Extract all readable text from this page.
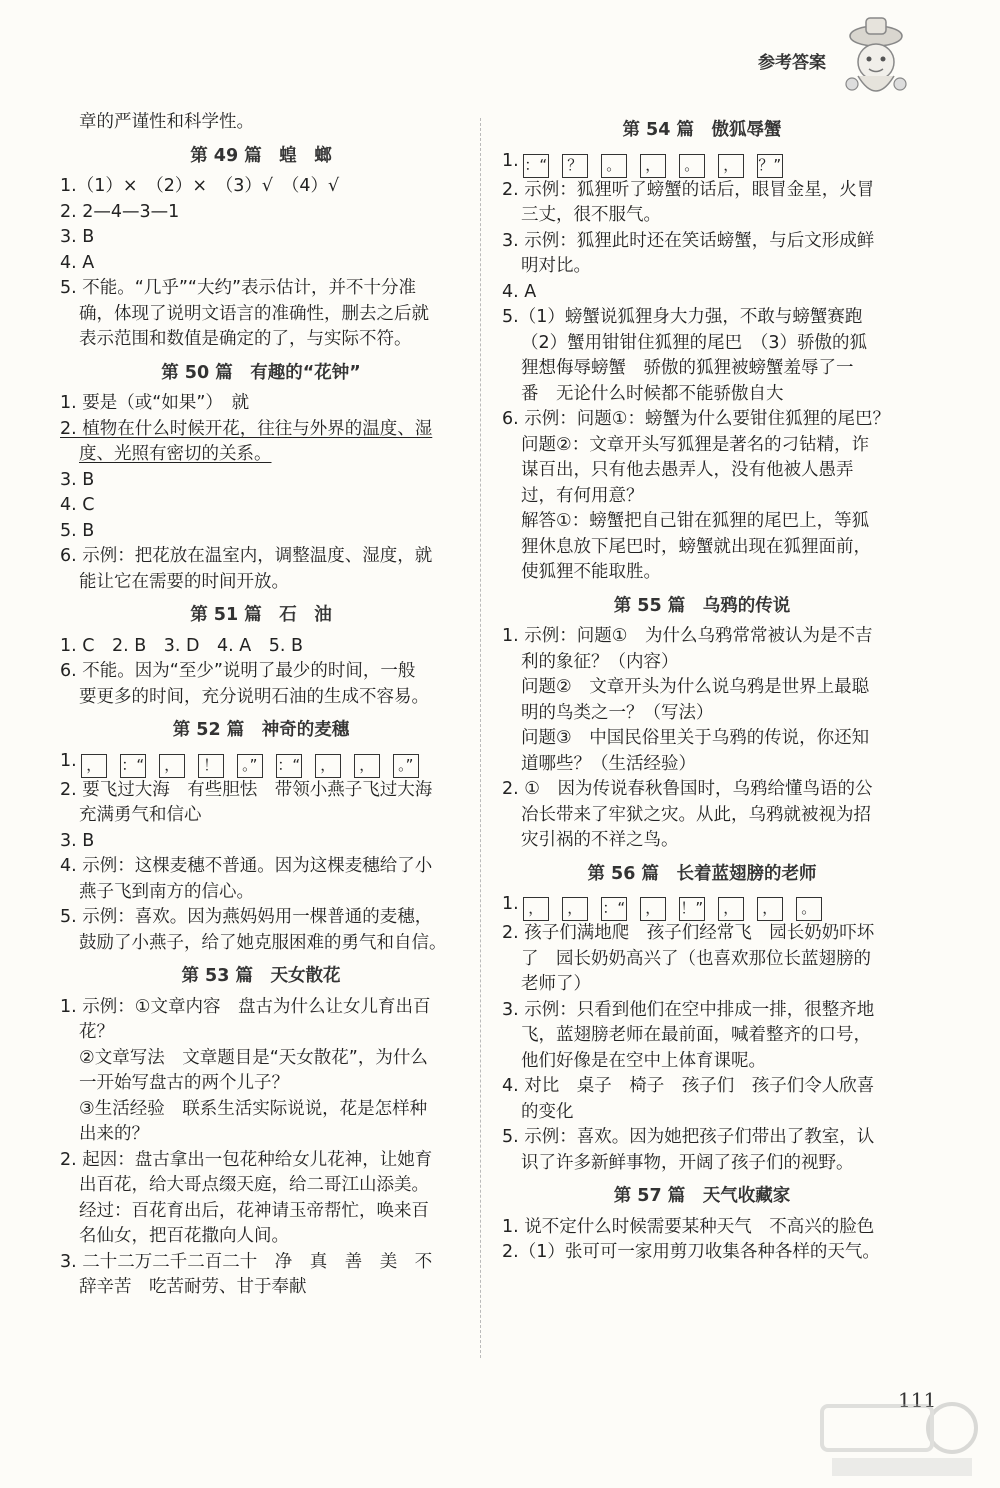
参考答案
章的严谨性和科学性。
第 49 篇　蝗　螂
1.（1）×　（2）×　（3）√　（4）√
2. 2—4—3—1
3. B
4. A
5. 不能。“几乎”“大约”表示估计，并不十分准
确，体现了说明文语言的准确性，删去之后就
表示范围和数值是确定的了，与实际不符。
第 50 篇　有趣的“花钟”
1. 要是（或“如果”）　就
2. 植物在什么时候开花，往往与外界的温度、湿
度、光照有密切的关系。
3. B
4. C
5. B
6. 示例：把花放在温室内，调整温度、湿度，就
能让它在需要的时间开放。
第 51 篇　石　油
1. C　2. B　3. D　4. A　5. B
6. 不能。因为“至少”说明了最少的时间，一般
要更多的时间，充分说明石油的生成不容易。
第 52 篇　神奇的麦穗
1. ， ：“ ， ！ 。” ：“ ， ， 。”
2. 要飞过大海　有些胆怯　带领小燕子飞过大海
充满勇气和信心
3. B
4. 示例：这棵麦穗不普通。因为这棵麦穗给了小
燕子飞到南方的信心。
5. 示例：喜欢。因为燕妈妈用一棵普通的麦穗，
鼓励了小燕子，给了她克服困难的勇气和自信。
第 53 篇　天女散花
1. 示例：①文章内容　盘古为什么让女儿育出百
花？
②文章写法　文章题目是“天女散花”，为什么
一开始写盘古的两个儿子？
③生活经验　联系生活实际说说，花是怎样种
出来的？
2. 起因：盘古拿出一包花种给女儿花神，让她育
出百花，给大哥点缀天庭，给二哥江山添美。
经过：百花育出后，花神请玉帝帮忙，唤来百
名仙女，把百花撒向人间。
3. 二十二万二千二百二十　净　真　善　美　不
辞辛苦　吃苦耐劳、甘于奉献
第 54 篇　傲狐辱蟹
1. ：“ ？ 。 ， 。 ， ？”
2. 示例：狐狸听了螃蟹的话后，眼冒金星，火冒
三丈，很不服气。
3. 示例：狐狸此时还在笑话螃蟹，与后文形成鲜
明对比。
4. A
5.（1）螃蟹说狐狸身大力强，不敢与螃蟹赛跑
（2）蟹用钳钳住狐狸的尾巴　（3）骄傲的狐
狸想侮辱螃蟹　骄傲的狐狸被螃蟹羞辱了一
番　无论什么时候都不能骄傲自大
6. 示例：问题①：螃蟹为什么要钳住狐狸的尾巴？
问题②：文章开头写狐狸是著名的刁钻精，诈
谋百出，只有他去愚弄人，没有他被人愚弄
过，有何用意？
解答①：螃蟹把自己钳在狐狸的尾巴上，等狐
狸休息放下尾巴时，螃蟹就出现在狐狸面前，
使狐狸不能取胜。
第 55 篇　乌鸦的传说
1. 示例：问题①　为什么乌鸦常常被认为是不吉
利的象征？（内容）
问题②　文章开头为什么说乌鸦是世界上最聪
明的鸟类之一？（写法）
问题③　中国民俗里关于乌鸦的传说，你还知
道哪些？（生活经验）
2. ①　因为传说春秋鲁国时，乌鸦给懂鸟语的公
冶长带来了牢狱之灾。从此，乌鸦就被视为招
灾引祸的不祥之鸟。
第 56 篇　长着蓝翅膀的老师
1. ， ， ：“ ， ！” ， ， 。
2. 孩子们满地爬　孩子们经常飞　园长奶奶吓坏
了　园长奶奶高兴了（也喜欢那位长蓝翅膀的
老师了）
3. 示例：只看到他们在空中排成一排，很整齐地
飞，蓝翅膀老师在最前面，喊着整齐的口号，
他们好像是在空中上体育课呢。
4. 对比　桌子　椅子　孩子们　孩子们令人欣喜
的变化
5. 示例：喜欢。因为她把孩子们带出了教室，认
识了许多新鲜事物，开阔了孩子们的视野。
第 57 篇　天气收藏家
1. 说不定什么时候需要某种天气　不高兴的脸色
2.（1）张可可一家用剪刀收集各种各样的天气。
111
